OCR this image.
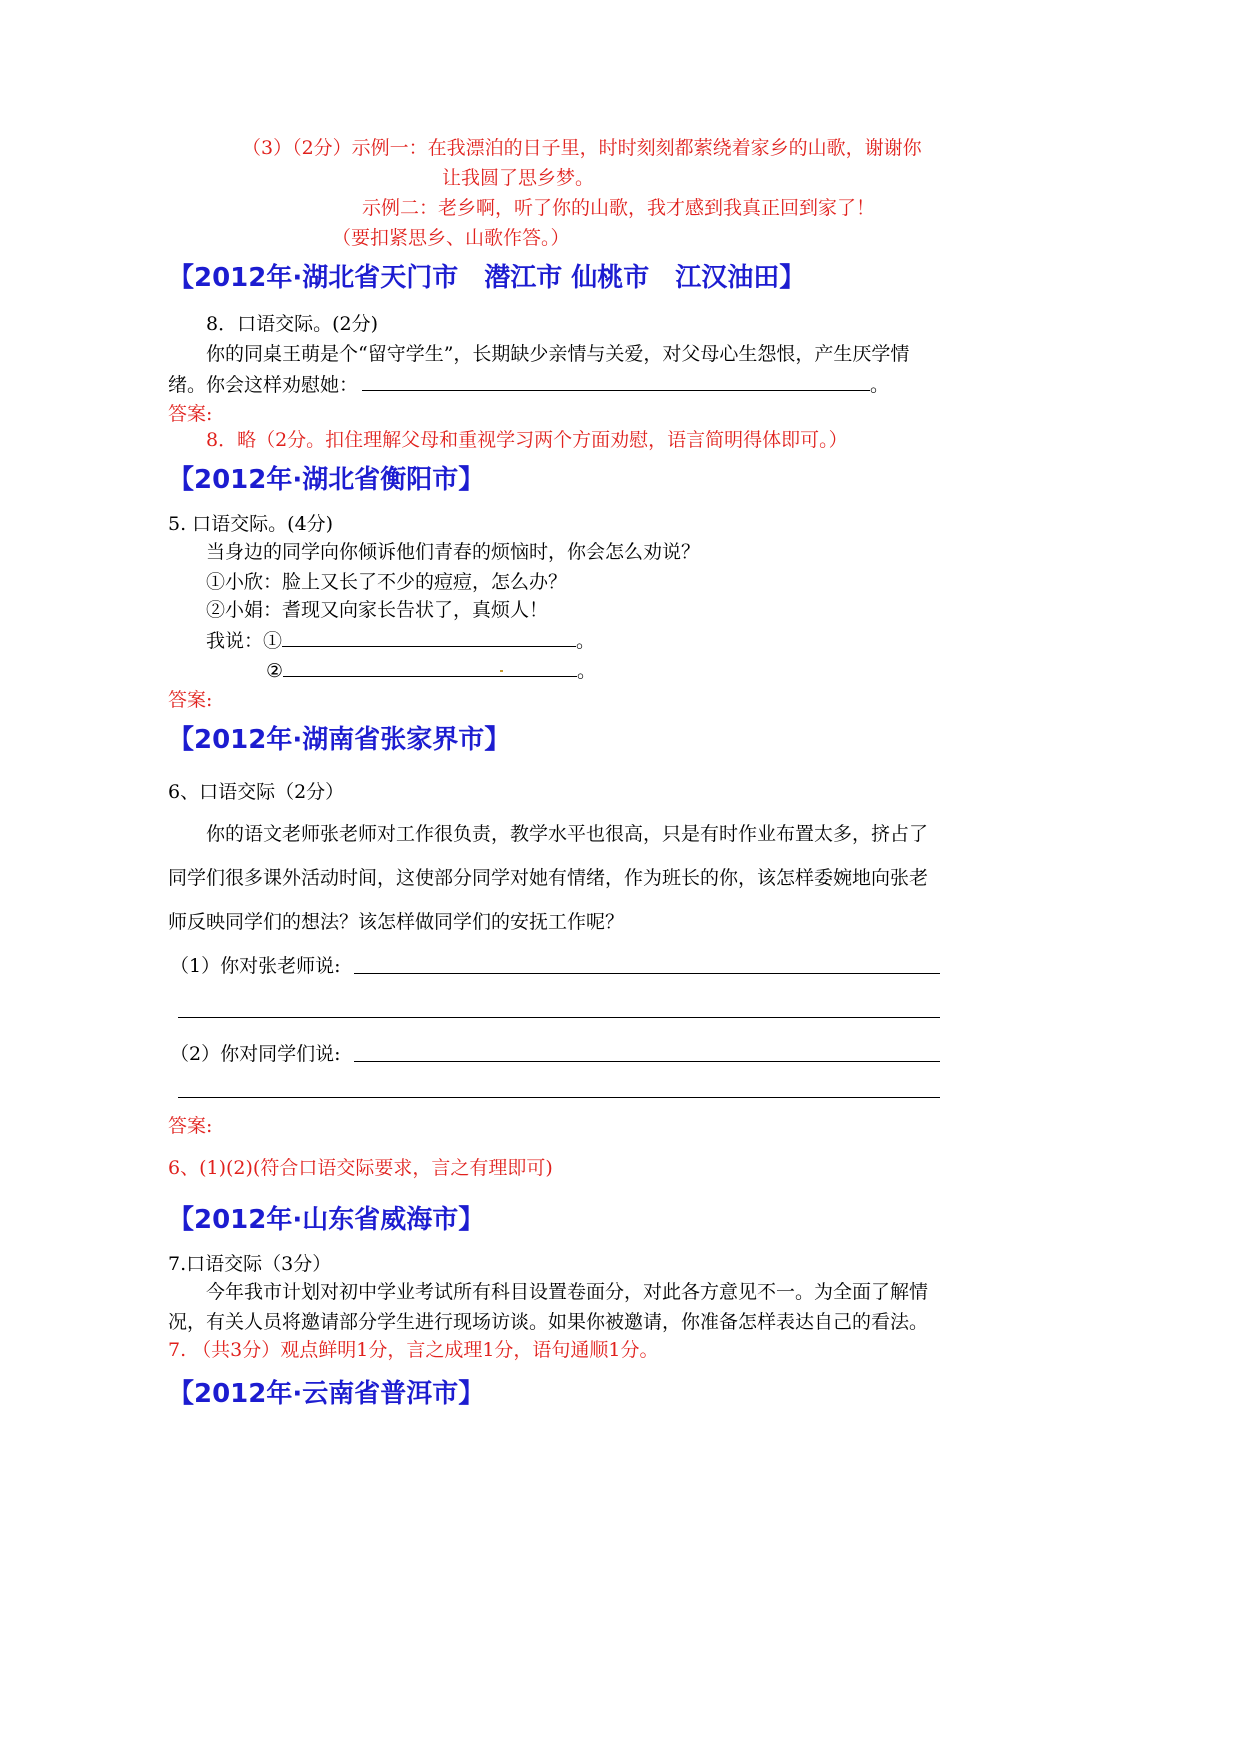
（3）（2分）示例一：在我漂泊的日子里，时时刻刻都萦绕着家乡的山歌，谢谢你
让我圆了思乡梦。
示例二：老乡啊，听了你的山歌，我才感到我真正回到家了！
（要扣紧思乡、山歌作答。）
【2012年·湖北省天门市　潜江市 仙桃市　江汉油田】
8．口语交际。(2分)
你的同桌王萌是个“留守学生”，长期缺少亲情与关爱，对父母心生怨恨，产生厌学情
绪。你会这样劝慰她：	。
答案:
8．略（2分。扣住理解父母和重视学习两个方面劝慰，语言简明得体即可。）
【2012年·湖北省衡阳市】
5. 口语交际。(4分)
当身边的同学向你倾诉他们青春的烦恼时，你会怎么劝说？
①小欣：脸上又长了不少的痘痘，怎么办？
②小娟：耆现又向家长告状了，真烦人！
我说：①	。
②	。
答案:
【2012年·湖南省张家界市】
6、口语交际（2分）
你的语文老师张老师对工作很负责，教学水平也很高，只是有时作业布置太多，挤占了
同学们很多课外活动时间，这使部分同学对她有情绪，作为班长的你，该怎样委婉地向张老
师反映同学们的想法？该怎样做同学们的安抚工作呢？
（1）你对张老师说:
（2）你对同学们说:
答案:
6、(1)(2)(符合口语交际要求，言之有理即可)
【2012年·山东省威海市】
7.口语交际（3分）
今年我市计划对初中学业考试所有科目设置卷面分，对此各方意见不一。为全面了解情
况，有关人员将邀请部分学生进行现场访谈。如果你被邀请，你准备怎样表达自己的看法。
7. （共3分）观点鲜明1分，言之成理1分，语句通顺1分。
【2012年·云南省普洱市】
